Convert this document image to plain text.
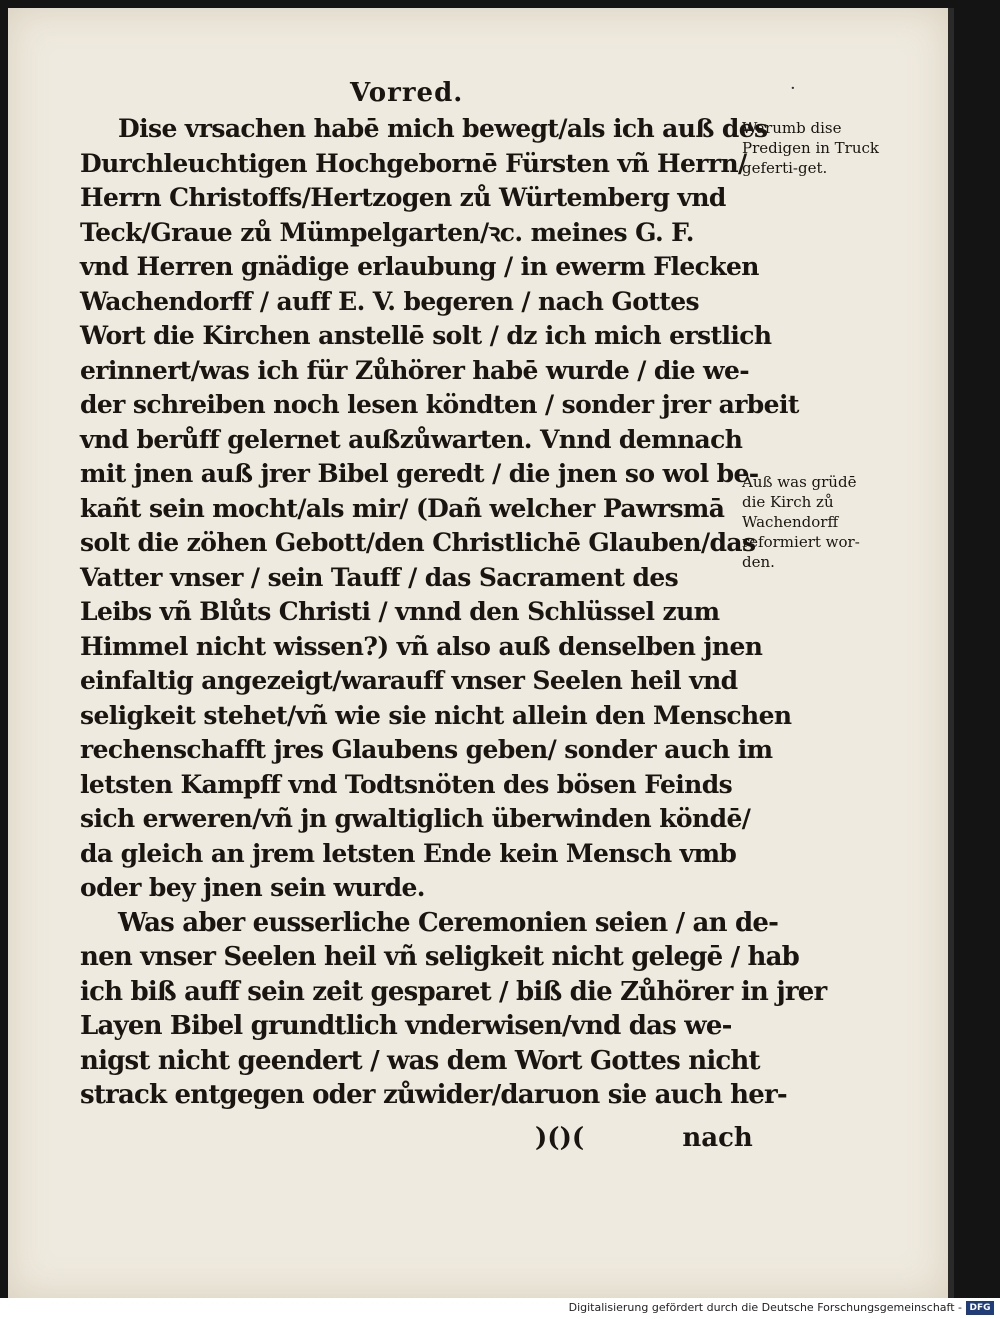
Vorred.	·
Dise vrsachen habē mich bewegt/als ich auß des
Durchleuchtigen Hochgebornē Fürsten vñ Herrn/
Herrn Christoffs/Hertzogen zů Würtemberg vnd
Teck/Graue zů Mümpelgarten/ꝛc. meines G. F.
vnd Herren gnädige erlaubung / in ewerm Flecken
Wachendorff / auff E. V. begeren / nach Gottes
Wort die Kirchen anstellē solt / dz ich mich erstlich
erinnert/was ich für Zůhörer habē wurde / die we-
der schreiben noch lesen köndten / sonder jrer arbeit
vnd berůff gelernet außzůwarten. Vnnd demnach
mit jnen auß jrer Bibel geredt / die jnen so wol be-
kañt sein mocht/als mir/ (Dañ welcher Pawrsmā
solt die zöhen Gebott/den Christlichē Glauben/das
Vatter vnser / sein Tauff / das Sacrament des
Leibs vñ Blůts Christi / vnnd den Schlüssel zum
Himmel nicht wissen?) vñ also auß denselben jnen
einfaltig angezeigt/warauff vnser Seelen heil vnd
seligkeit stehet/vñ wie sie nicht allein den Menschen
rechenschafft jres Glaubens geben/ sonder auch im
letsten Kampff vnd Todtsnöten des bösen Feinds
sich erweren/vñ jn gwaltiglich überwinden köndē/
da gleich an jrem letsten Ende kein Mensch vmb
oder bey jnen sein wurde.
Was aber eusserliche Ceremonien seien / an de-
nen vnser Seelen heil vñ seligkeit nicht gelegē / hab
ich biß auff sein zeit gesparet / biß die Zůhörer in jrer
Layen Bibel grundtlich vnderwisen/vnd das we-
nigst nicht geendert / was dem Wort Gottes nicht
strack entgegen oder zůwider/daruon sie auch her-
)()(	nach
Warumb dise Predigen in Truck geferti-get.
Auß was grüdē die Kirch zů Wachendorff reformiert wor-den.
Digitalisierung gefördert durch die Deutsche Forschungsgemeinschaft - DFG
